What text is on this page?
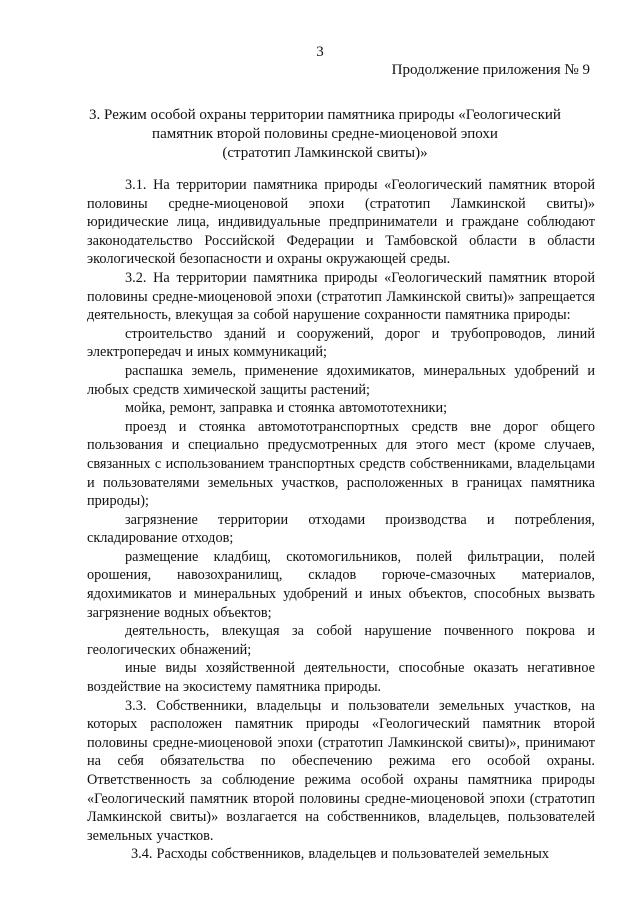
3
Продолжение приложения № 9
3. Режим особой охраны территории памятника природы «Геологический
памятник второй половины средне-миоценовой эпохи
(стратотип Ламкинской свиты)»

3.1. На территории памятника природы «Геологический памятник второй половины средне-миоценовой эпохи (стратотип Ламкинской свиты)» юридические лица, индивидуальные предприниматели и граждане соблюдают законодательство Российской Федерации и Тамбовской области в области экологической безопасности и охраны окружающей среды.

3.2. На территории памятника природы «Геологический памятник второй половины средне-миоценовой эпохи (стратотип Ламкинской свиты)» запрещается деятельность, влекущая за собой нарушение сохранности памятника природы:

строительство зданий и сооружений, дорог и трубопроводов, линий электропередач и иных коммуникаций;

распашка земель, применение ядохимикатов, минеральных удобрений и любых средств химической защиты растений;

мойка, ремонт, заправка и стоянка автомототехники;

проезд и стоянка автомототранспортных средств вне дорог общего пользования и специально предусмотренных для этого мест (кроме случаев, связанных с использованием транспортных средств собственниками, владельцами и пользователями земельных участков, расположенных в границах памятника природы);

загрязнение территории отходами производства и потребления, складирование отходов;

размещение кладбищ, скотомогильников, полей фильтрации, полей орошения, навозохранилищ, складов горюче-смазочных материалов, ядохимикатов и минеральных удобрений и иных объектов, способных вызвать загрязнение водных объектов;

деятельность, влекущая за собой нарушение почвенного покрова и геологических обнажений;

иные виды хозяйственной деятельности, способные оказать негативное воздействие на экосистему памятника природы.

3.3. Собственники, владельцы и пользователи земельных участков, на которых расположен памятник природы «Геологический памятник второй половины средне-миоценовой эпохи (стратотип Ламкинской свиты)», принимают на себя обязательства по обеспечению режима его особой охраны. Ответственность за соблюдение режима особой охраны памятника природы «Геологический памятник второй половины средне-миоценовой эпохи (стратотип Ламкинской свиты)» возлагается на собственников, владельцев, пользователей земельных участков.

3.4. Расходы собственников, владельцев и пользователей земельных
